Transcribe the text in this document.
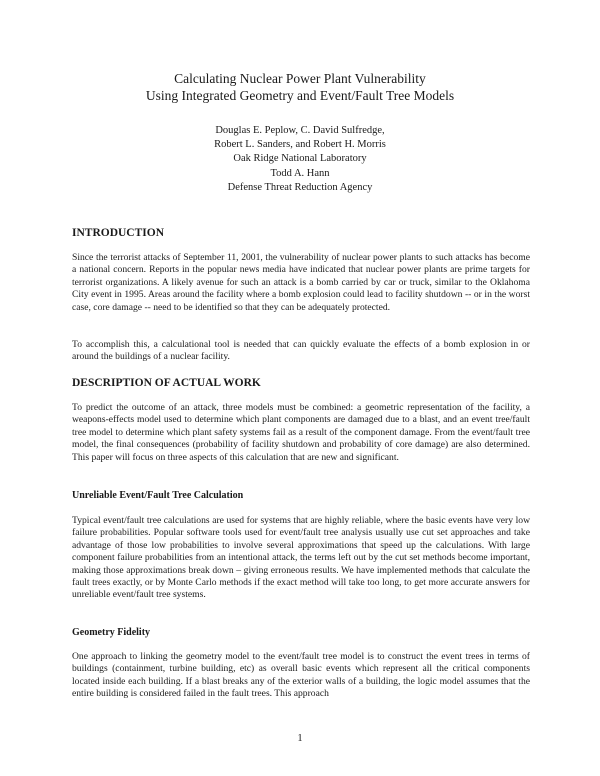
Calculating Nuclear Power Plant Vulnerability
Using Integrated Geometry and Event/Fault Tree Models
Douglas E. Peplow, C. David Sulfredge,
Robert L. Sanders, and Robert H. Morris
Oak Ridge National Laboratory
Todd A. Hann
Defense Threat Reduction Agency
INTRODUCTION
Since the terrorist attacks of September 11, 2001, the vulnerability of nuclear power plants to such attacks has become a national concern. Reports in the popular news media have indicated that nuclear power plants are prime targets for terrorist organizations. A likely avenue for such an attack is a bomb carried by car or truck, similar to the Oklahoma City event in 1995. Areas around the facility where a bomb explosion could lead to facility shutdown -- or in the worst case, core damage -- need to be identified so that they can be adequately protected.
To accomplish this, a calculational tool is needed that can quickly evaluate the effects of a bomb explosion in or around the buildings of a nuclear facility.
DESCRIPTION OF ACTUAL WORK
To predict the outcome of an attack, three models must be combined: a geometric representation of the facility, a weapons-effects model used to determine which plant components are damaged due to a blast, and an event tree/fault tree model to determine which plant safety systems fail as a result of the component damage. From the event/fault tree model, the final consequences (probability of facility shutdown and probability of core damage) are also determined. This paper will focus on three aspects of this calculation that are new and significant.
Unreliable Event/Fault Tree Calculation
Typical event/fault tree calculations are used for systems that are highly reliable, where the basic events have very low failure probabilities. Popular software tools used for event/fault tree analysis usually use cut set approaches and take advantage of those low probabilities to involve several approximations that speed up the calculations. With large component failure probabilities from an intentional attack, the terms left out by the cut set methods become important, making those approximations break down – giving erroneous results. We have implemented methods that calculate the fault trees exactly, or by Monte Carlo methods if the exact method will take too long, to get more accurate answers for unreliable event/fault tree systems.
Geometry Fidelity
One approach to linking the geometry model to the event/fault tree model is to construct the event trees in terms of buildings (containment, turbine building, etc) as overall basic events which represent all the critical components located inside each building. If a blast breaks any of the exterior walls of a building, the logic model assumes that the entire building is considered failed in the fault trees. This approach
1
